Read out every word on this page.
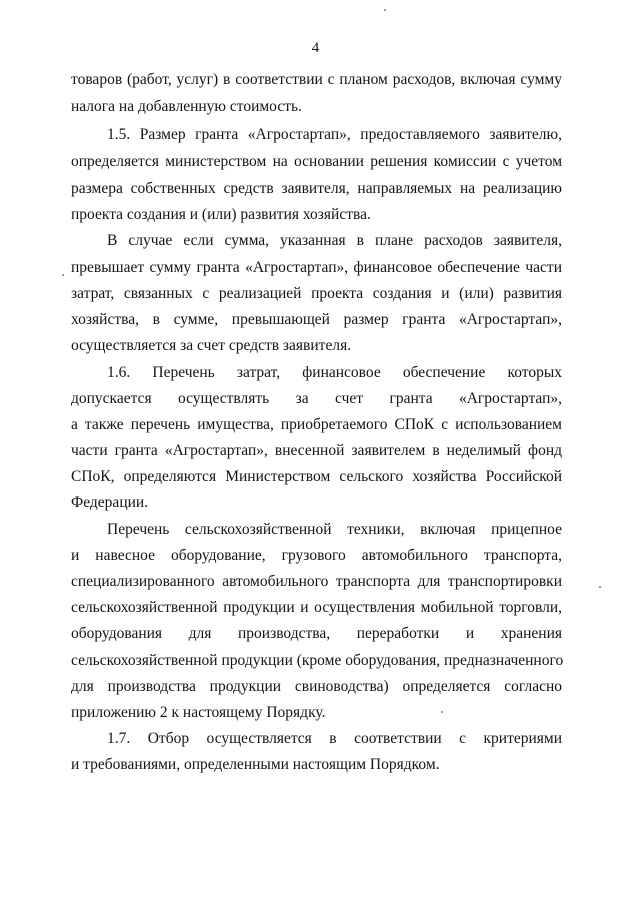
4
товаров (работ, услуг) в соответствии с планом расходов, включая сумму
налога на добавленную стоимость.
1.5. Размер гранта «Агростартап», предоставляемого заявителю,
определяется министерством на основании решения комиссии с учетом
размера собственных средств заявителя, направляемых на реализацию
проекта создания и (или) развития хозяйства.
В случае если сумма, указанная в плане расходов заявителя,
превышает сумму гранта «Агростартап», финансовое обеспечение части
затрат, связанных с реализацией проекта создания и (или) развития
хозяйства, в сумме, превышающей размер гранта «Агростартап»,
осуществляется за счет средств заявителя.
1.6. Перечень затрат, финансовое обеспечение которых
допускается осуществлять за счет гранта «Агростартап»,
а также перечень имущества, приобретаемого СПоК с использованием
части гранта «Агростартап», внесенной заявителем в неделимый фонд
СПоК, определяются Министерством сельского хозяйства Российской
Федерации.
Перечень сельскохозяйственной техники, включая прицепное
и навесное оборудование, грузового автомобильного транспорта,
специализированного автомобильного транспорта для транспортировки
сельскохозяйственной продукции и осуществления мобильной торговли,
оборудования для производства, переработки и хранения
сельскохозяйственной продукции (кроме оборудования, предназначенного
для производства продукции свиноводства) определяется согласно
приложению 2 к настоящему Порядку.
1.7. Отбор осуществляется в соответствии с критериями
и требованиями, определенными настоящим Порядком.
